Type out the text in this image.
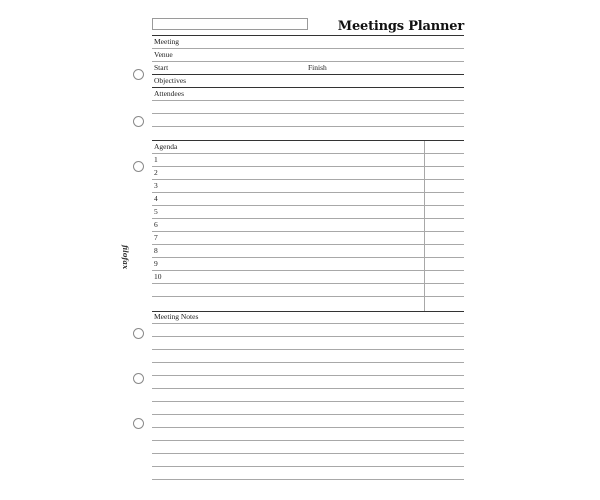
filofax
Meetings Planner
Meeting
Venue
Start	Finish
Objectives
Attendees
Agenda
1
2
3
4
5
6
7
8
9
10
Meeting Notes
